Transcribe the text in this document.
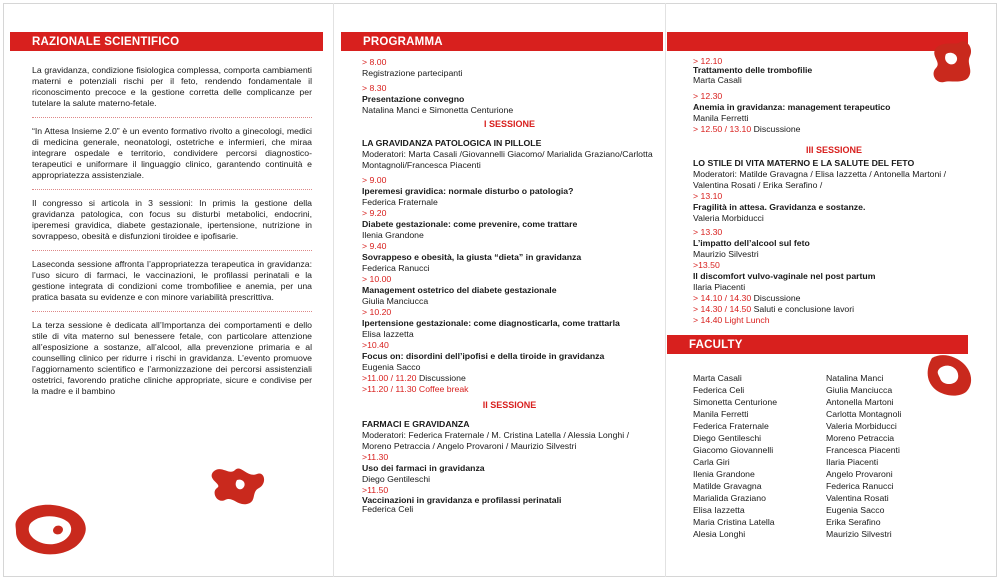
RAZIONALE SCIENTIFICO

La gravidanza, condizione fisiologica complessa, comporta cambiamenti materni e potenziali rischi per il feto, rendendo fondamentale il riconoscimento precoce e la gestione corretta delle complicanze per tutelare la salute materno-fetale.

“In Attesa Insieme 2.0” è un evento formativo rivolto a ginecologi, medici di medicina generale, neonatologi, ostetriche e infermieri, che miraa integrare ospedale e territorio, condividere percorsi diagnostico-terapeutici e uniformare il linguaggio clinico, garantendo continuità e appropriatezza assistenziale.

Il congresso si articola in 3 sessioni: In primis la gestione della gravidanza patologica, con focus su disturbi metabolici, endocrini, iperemesi gravidica, diabete gestazionale, ipertensione, nutrizione in sovrappeso, obesità e disfunzioni tiroidee e ipofisarie.

Laseconda sessione affronta l’appropriatezza terapeutica in gravidanza: l’uso sicuro di farmaci, le vaccinazioni, le profilassi perinatali e la gestione integrata di condizioni come trombofiliee e anemia, per una pratica basata su evidenze e con minore variabilità prescrittiva.

La terza sessione è dedicata all’Importanza dei comportamenti e dello stile di vita materno sul benessere fetale, con particolare attenzione all’esposizione a sostanze, all’alcool, alla prevenzione primaria e al counselling clinico per ridurre i rischi in gravidanza. L’evento promuove l’aggiornamento scientifico e l’armonizzazione dei percorsi assistenziali ostetrici, favorendo pratiche cliniche appropriate, sicure e condivise per la madre e il bambino

PROGRAMMA
> 8.00
Registrazione partecipanti
> 8.30
Presentazione convegno
Natalina Manci e Simonetta Centurione
I SESSIONE
LA GRAVIDANZA PATOLOGICA IN PILLOLE
Moderatori: Marta Casali /Giovannelli Giacomo/ Marialida Graziano/Carlotta Montagnoli/Francesca Piacenti
> 9.00
Iperemesi gravidica: normale disturbo o patologia?
Federica Fraternale
> 9.20
Diabete gestazionale: come prevenire, come trattare
Ilenia Grandone
> 9.40
Sovrappeso e obesità, la giusta “dieta” in gravidanza
Federica Ranucci
> 10.00
Management ostetrico del diabete gestazionale
Giulia Manciucca
> 10.20
Ipertensione gestazionale: come diagnosticarla, come trattarla
Elisa Iazzetta
>10.40
Focus on: disordini dell’ipofisi e della tiroide in gravidanza
Eugenia Sacco
>11.00 / 11.20 Discussione
>11.20 / 11.30 Coffee break
II SESSIONE
FARMACI E GRAVIDANZA
Moderatori: Federica Fraternale / M. Cristina Latella / Alessia Longhi / Moreno Petraccia / Angelo Provaroni / Maurizio Silvestri
>11.30
Uso dei farmaci in gravidanza
Diego Gentileschi
>11.50
Vaccinazioni in gravidanza e profilassi perinatali
Federica Celi
> 12.10
Trattamento delle trombofilie
Marta Casali
> 12.30
Anemia in gravidanza: management terapeutico
Manila Ferretti
> 12.50 / 13.10 Discussione
III SESSIONE
LO STILE DI VITA MATERNO E LA SALUTE DEL FETO
Moderatori: Matilde Gravagna / Elisa Iazzetta / Antonella Martoni / Valentina Rosati / Erika Serafino /
> 13.10
Fragilità in attesa. Gravidanza e sostanze.
Valeria Morbiducci
> 13.30
L’impatto dell’alcool sul feto
Maurizio Silvestri
>13.50
Il discomfort vulvo-vaginale nel post partum
Ilaria Piacenti
> 14.10 / 14.30 Discussione
> 14.30 / 14.50 Saluti e conclusione lavori
> 14.40 Light Lunch
FACULTY
Marta Casali
Federica Celi
Simonetta Centurione
Manila Ferretti
Federica Fraternale
Diego Gentileschi
Giacomo Giovannelli
Carla Giri
Ilenia Grandone
Matilde Gravagna
Marialida Graziano
Elisa Iazzetta
Maria Cristina Latella
Alesia Longhi
Natalina Manci
Giulia Manciucca
Antonella Martoni
Carlotta Montagnoli
Valeria Morbiducci
Moreno Petraccia
Francesca Piacenti
Ilaria Piacenti
Angelo Provaroni
Federica Ranucci
Valentina Rosati
Eugenia Sacco
Erika Serafino
Maurizio Silvestri
